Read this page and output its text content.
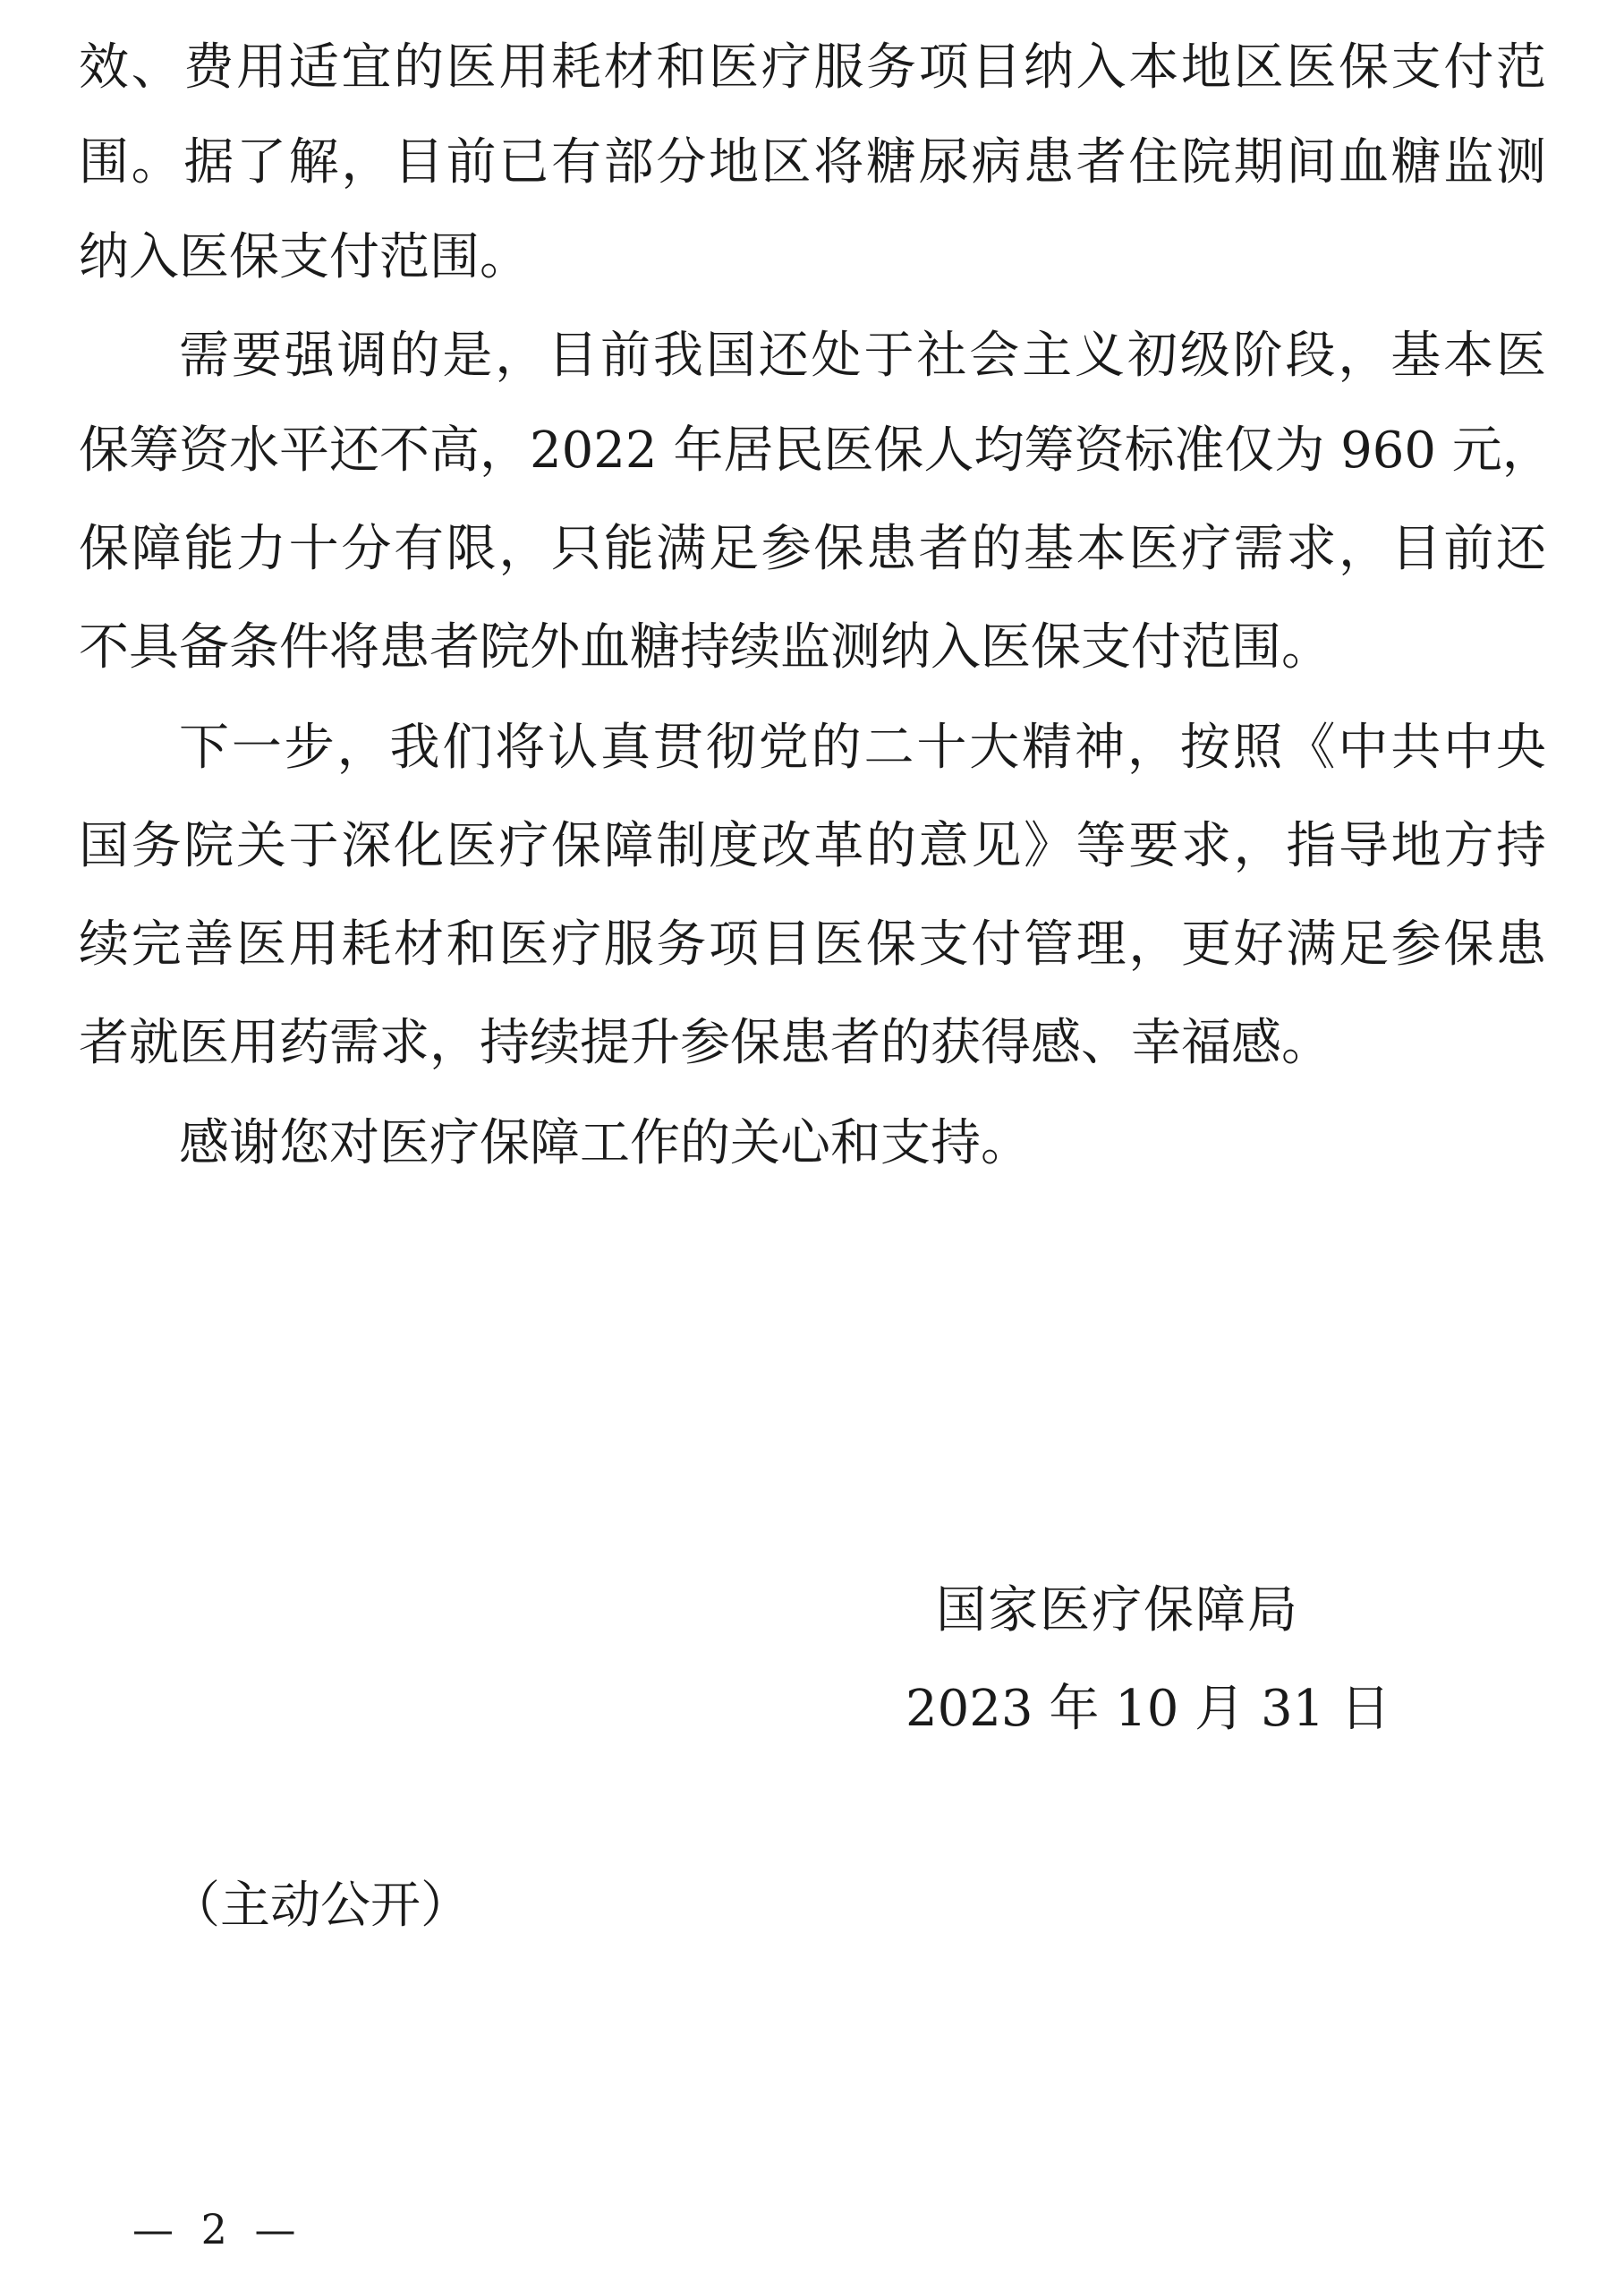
效、费用适宜的医用耗材和医疗服务项目纳入本地区医保支付范
围。据了解，目前已有部分地区将糖尿病患者住院期间血糖监测
纳入医保支付范围。
需要强调的是，目前我国还处于社会主义初级阶段，基本医
保筹资水平还不高，2022 年居民医保人均筹资标准仅为 960 元，
保障能力十分有限，只能满足参保患者的基本医疗需求，目前还
不具备条件将患者院外血糖持续监测纳入医保支付范围。
下一步，我们将认真贯彻党的二十大精神，按照《中共中央
国务院关于深化医疗保障制度改革的意见》等要求，指导地方持
续完善医用耗材和医疗服务项目医保支付管理，更好满足参保患
者就医用药需求，持续提升参保患者的获得感、幸福感。
感谢您对医疗保障工作的关心和支持。
国家医疗保障局
2023 年 10 月 31 日
（主动公开）
— 2 —
